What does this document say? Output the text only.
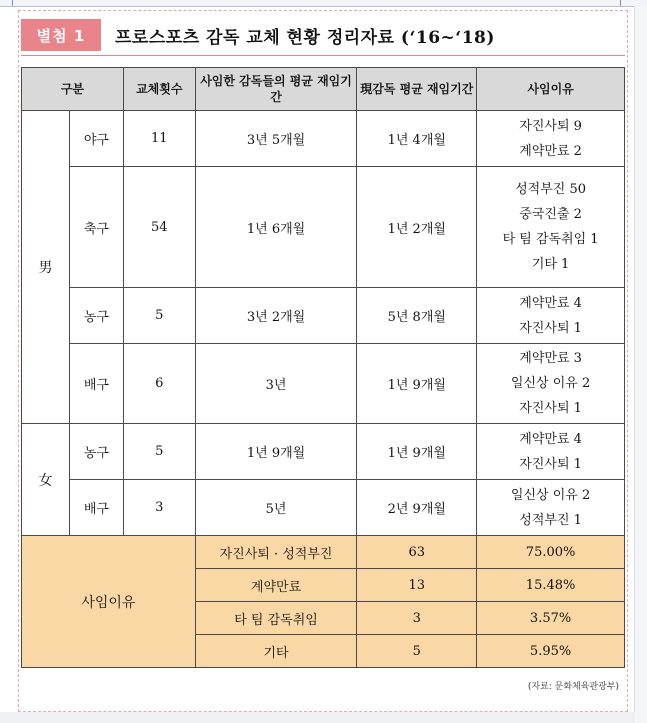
별첨 1	프로스포츠 감독 교체 현황 정리자료 (‘16~‘18)
구분		교체횟수	사임한 감독들의 평균 재임기간	現감독 평균 재임기간	사임이유
男	야구	11	3년 5개월	1년 4개월	자진사퇴 9
계약만료 2

	축구	54	1년 6개월	1년 2개월	성적부진 50
중국진출 2
타 팀 감독취임 1
기타 1

	농구	5	3년 2개월	5년 8개월	계약만료 4
자진사퇴 1

	배구	6	3년	1년 9개월	계약만료 3
일신상 이유 2
자진사퇴 1

女	농구	5	1년 9개월	1년 9개월	계약만료 4
자진사퇴 1

	배구	3	5년	2년 9개월	일신상 이유 2
성적부진 1

사임이유			자진사퇴 · 성적부진	63	75.00%
			계약만료	13	15.48%
			타 팀 감독취임	3	3.57%
			기타	5	5.95%
(자료: 문화체육관광부)
